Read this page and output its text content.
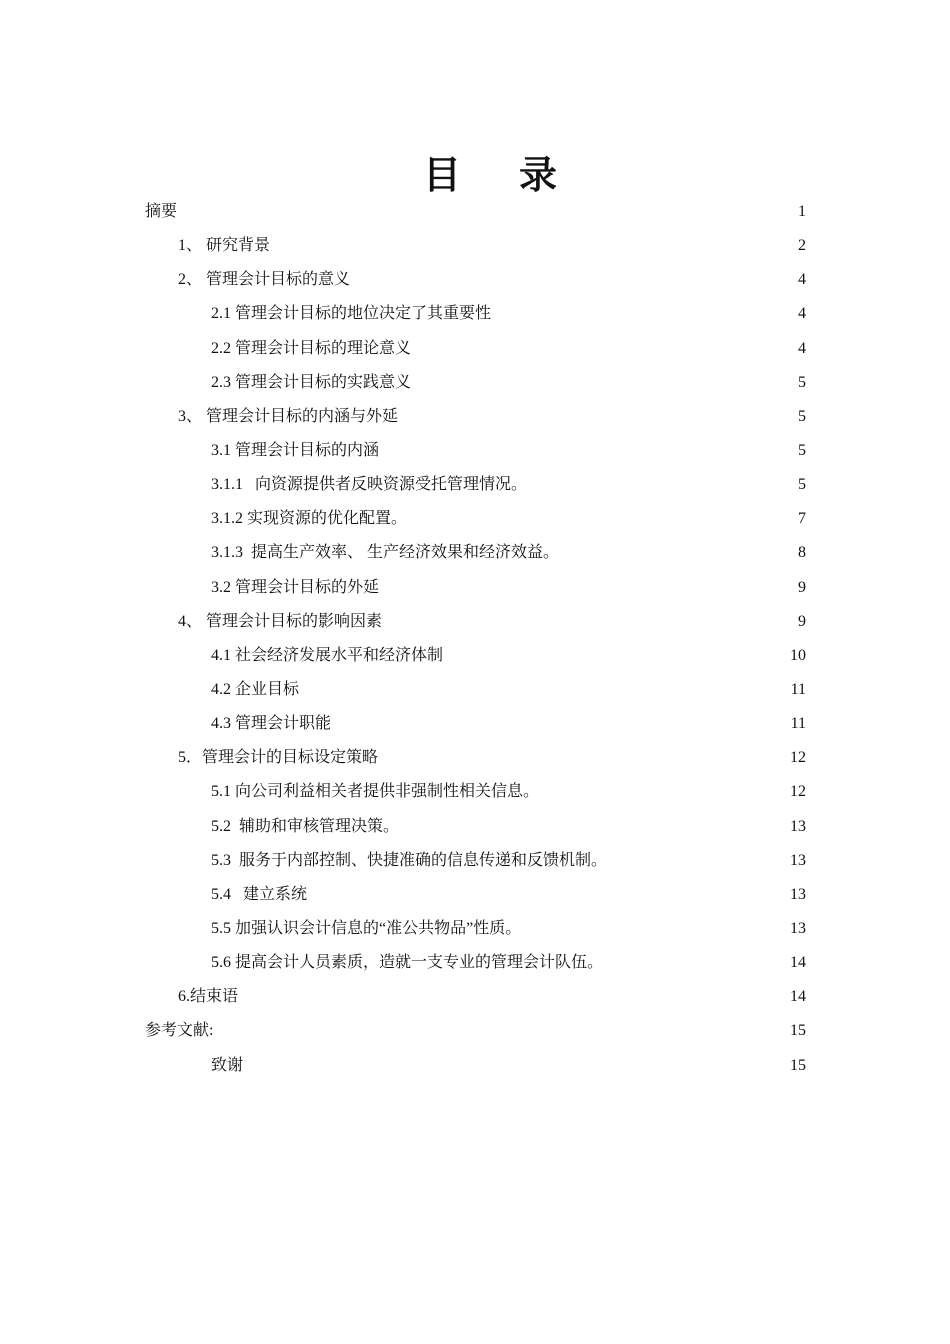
目 录
摘要	1
1、 研究背景	2
2、 管理会计目标的意义	4
2.1 管理会计目标的地位决定了其重要性	4
2.2 管理会计目标的理论意义	4
2.3 管理会计目标的实践意义	5
3、 管理会计目标的内涵与外延	5
3.1 管理会计目标的内涵	5
3.1.1   向资源提供者反映资源受托管理情况。	5
3.1.2 实现资源的优化配置。	7
3.1.3  提高生产效率、 生产经济效果和经济效益。	8
3.2 管理会计目标的外延	9
4、 管理会计目标的影响因素	9
4.1 社会经济发展水平和经济体制	10
4.2 企业目标	11
4.3 管理会计职能	11
5．管理会计的目标设定策略	12
5.1 向公司利益相关者提供非强制性相关信息。	12
5.2  辅助和审核管理决策。	13
5.3  服务于内部控制、快捷准确的信息传递和反馈机制。	13
5.4   建立系统	13
5.5 加强认识会计信息的“准公共物品”性质。	13
5.6 提高会计人员素质，造就一支专业的管理会计队伍。	14
6.结束语	14
参考文献:	15
致谢	15
